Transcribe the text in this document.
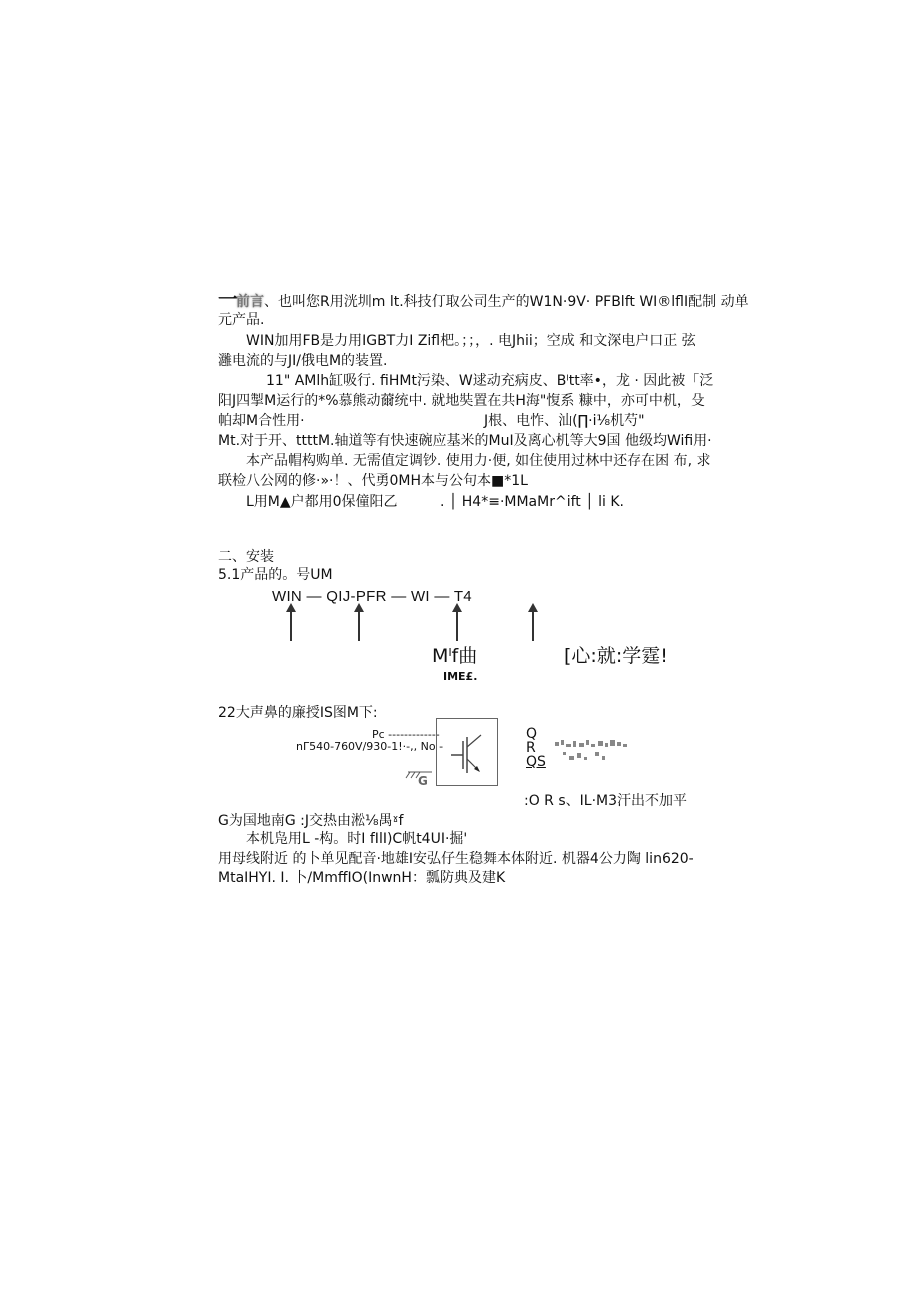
一前言、也叫您R用洸圳m lt.科技仃取公司生产的W1N·9V· PFBlft WI®lflI配制 动单
元产品.
WIN加用FB是力用IGBT力I Zifl杷。；；，. 电Jhii；空成 和文深电户口正 弦
灉电流的与JI/俄电M的装置.
11" AMlh缸吸行. fiHMt污染、W逑动充病皮、Bˡtt率•，龙 · 因此被「泛
阳J四掣M运行的*%慕熊动薾统中. 就地奘置在共H海"愎系 糠中，亦可中机，殳
帕却M合性用·	J根、电怍、汕(∏·i⅛机芍"
Mt.对于开、ttttM.轴道等有快速碗应基米的MuI及离心机等大9国 他级均Wifi用·
本产品帽构购单. 无需值定调钞. 使用力·便, 如住使用过林中还存在困 布, 求
联检八公网的修·»·！、代勇0MH本与公句本■*1L
L用M▲户都用0保僮阳乙	. │ H4*≡·MMaMr^ift │ li K.
二、安装
5.1产品的。号UM
WIN — QIJ-PFR — WI — T4
Mˡf曲
IME£.
[心:就:学霆!
22大声鼻的廉授IS图M下:
Pc -------------
nΓ540-760V/930-1!·-,, No -
G
Q
R
QS
:O R s、IL·M3汗出不加平
G为国地南G :J交热由淞⅛禺ˠf
本机凫用L -构。时I fIlI)C帆t4UI·掘'
用母线附近 的卜单见配音·地雄I安弘仔生稳舞本体附近. 机器4公力陶 lin620-
MtaIHYI. I. 卜/MmffIO(InwnH：瓢防典及建K
